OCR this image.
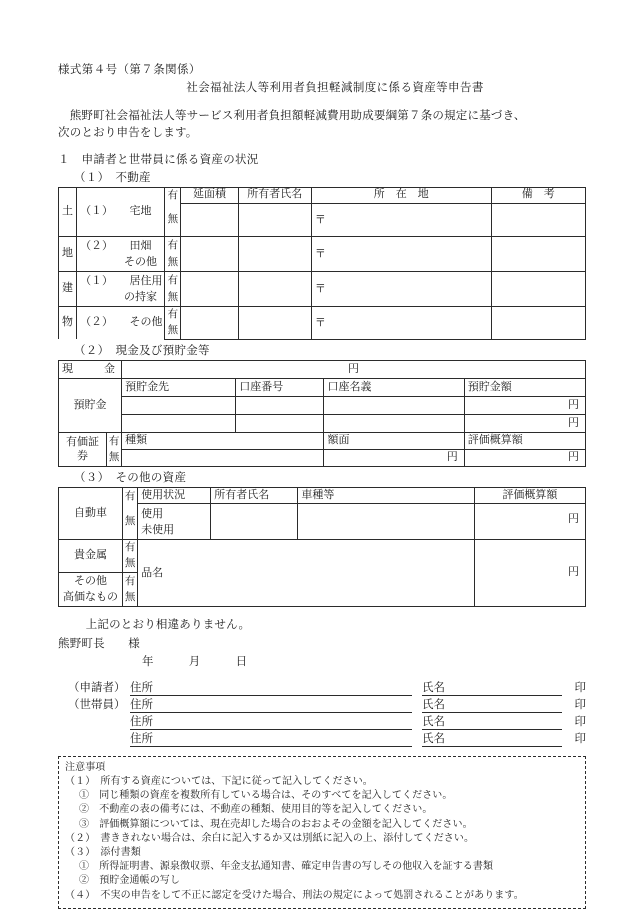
様式第４号（第７条関係）
社会福祉法人等利用者負担軽減制度に係る資産等申告書
　熊野町社会福祉法人等サービス利用者負担額軽減費用助成要綱第７条の規定に基づき、
次のとおり申告をします。
１　申請者と世帯員に係る資産の状況
（１）　不動産
土	（１）　　宅地	有	延面積	所有者氏名	所　在　地	備　考
		無			〒	
地	（２）　　田畑
　　　　その他	有			〒	
		無				
建	（１）　　居住用
　　　　の持家	有			〒	
		無				
物	（２）　　その他	有			〒	
		無				
（２）　現金及び預貯金等
現　　金		円			
預貯金		預貯金先	口座番号	口座名義	預貯金額
					円
					円
有価証券	有	種類		額面	評価概算額
	無			円	円
（３）　その他の資産
自動車	有	使用状況	所有者氏名	車種等	評価概算額
	無	使用
未使用			円
貴金属	有	品名			円
	無				

その他
高価なもの	有				
	無				
　上記のとおり相違ありません。
熊野町長　　様
年　　　月　　　日
（申請者）	住所			氏名		印
（世帯員）	住所			氏名		印
	住所			氏名		印
	住所			氏名		印
注意事項
（１）　所有する資産については、下記に従って記入してください。
①　同じ種類の資産を複数所有している場合は、そのすべてを記入してください。
②　不動産の表の備考には、不動産の種類、使用目的等を記入してください。
③　評価概算額については、現在売却した場合のおおよその金額を記入してください。
（２）　書ききれない場合は、余白に記入するか又は別紙に記入の上、添付してください。
（３）　添付書類
①　所得証明書、源泉徴収票、年金支払通知書、確定申告書の写しその他収入を証する書類
②　預貯金通帳の写し
（４）　不実の申告をして不正に認定を受けた場合、刑法の規定によって処罰されることがあります。
